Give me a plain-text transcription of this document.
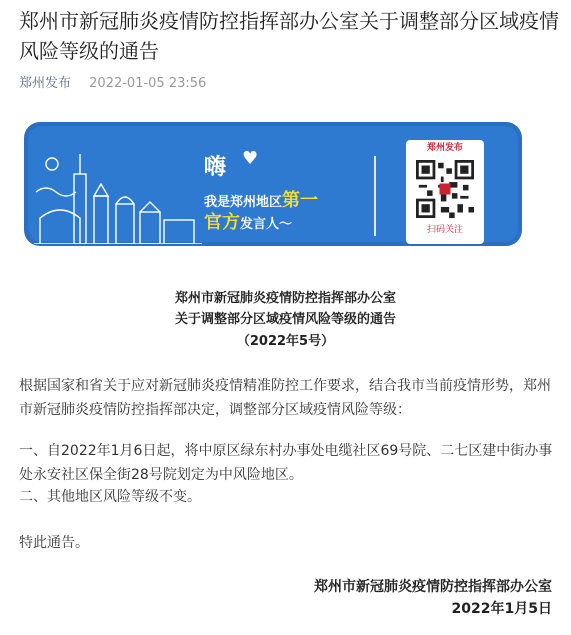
郑州市新冠肺炎疫情防控指挥部办公室关于调整部分区域疫情风险等级的通告
郑州发布 2022-01-05 23:56
嗨 ♥
我是郑州地区第一
官方发言人～
郑州发布
扫码关注
郑州市新冠肺炎疫情防控指挥部办公室
关于调整部分区域疫情风险等级的通告
（2022年5号）

根据国家和省关于应对新冠肺炎疫情精准防控工作要求，结合我市当前疫情形势，郑州市新冠肺炎疫情防控指挥部决定，调整部分区域疫情风险等级：

一、自2022年1月6日起，将中原区绿东村办事处电缆社区69号院、二七区建中街办事处永安社区保全街28号院划定为中风险地区。

二、其他地区风险等级不变。

特此通告。

郑州市新冠肺炎疫情防控指挥部办公室
2022年1月5日
